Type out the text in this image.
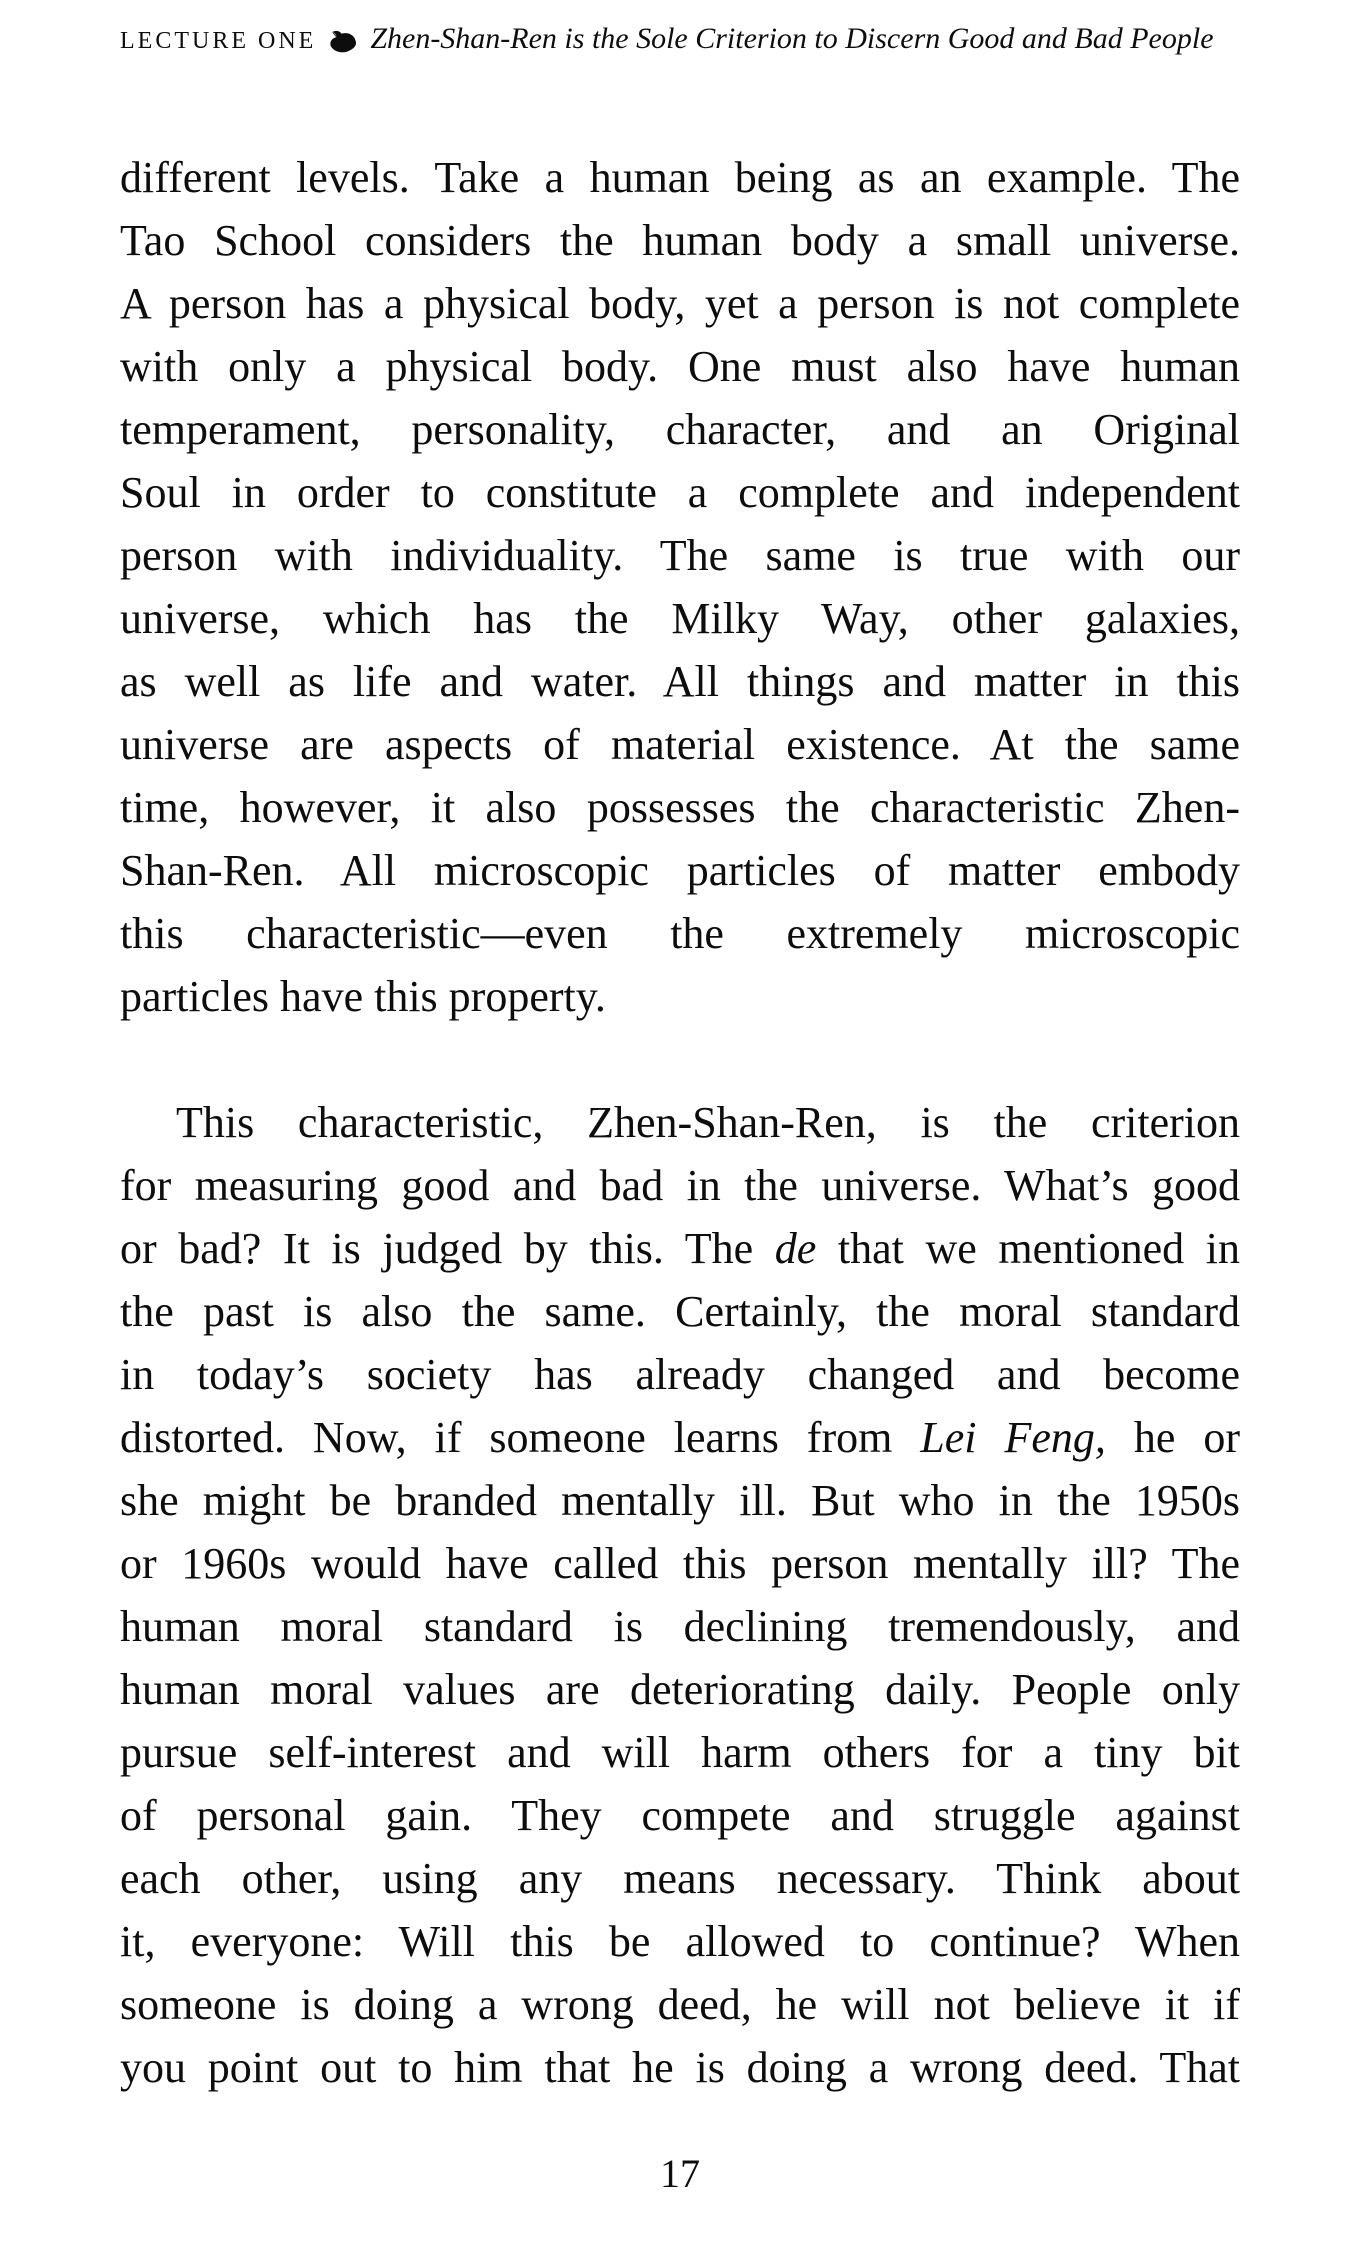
LECTURE ONE Zhen-Shan-Ren is the Sole Criterion to Discern Good and Bad People
different levels. Take a human being as an example. The
Tao School considers the human body a small universe.
A person has a physical body, yet a person is not complete
with only a physical body. One must also have human
temperament, personality, character, and an Original
Soul in order to constitute a complete and independent
person with individuality. The same is true with our
universe, which has the Milky Way, other galaxies,
as well as life and water. All things and matter in this
universe are aspects of material existence. At the same
time, however, it also possesses the characteristic Zhen-
Shan-Ren. All microscopic particles of matter embody
this characteristic—even the extremely microscopic
particles have this property.
This characteristic, Zhen-Shan-Ren, is the criterion
for measuring good and bad in the universe. What’s good
or bad? It is judged by this. The de that we mentioned in
the past is also the same. Certainly, the moral standard
in today’s society has already changed and become
distorted. Now, if someone learns from Lei Feng, he or
she might be branded mentally ill. But who in the 1950s
or 1960s would have called this person mentally ill? The
human moral standard is declining tremendously, and
human moral values are deteriorating daily. People only
pursue self-interest and will harm others for a tiny bit
of personal gain. They compete and struggle against
each other, using any means necessary. Think about
it, everyone: Will this be allowed to continue? When
someone is doing a wrong deed, he will not believe it if
you point out to him that he is doing a wrong deed. That
17
